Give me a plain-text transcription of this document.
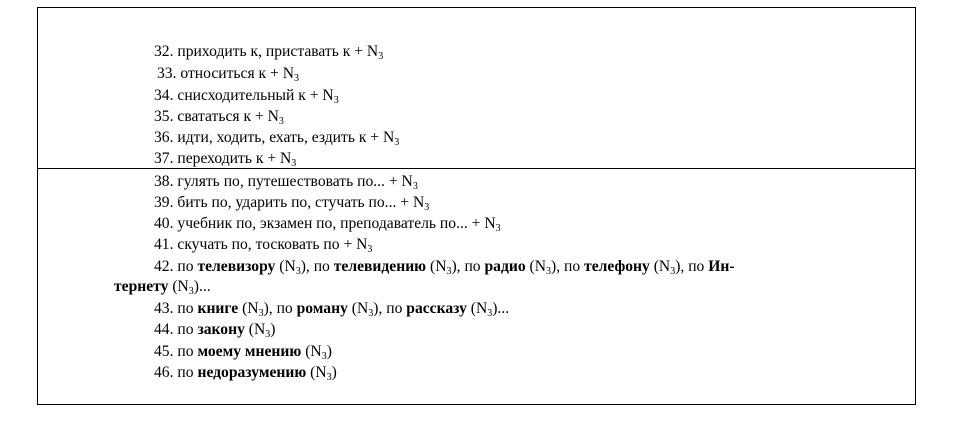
32. приходить к, приставать $к + N_3$
33. относиться $к + N_3$
34. снисходительный $к + N_3$
35. свататься $к + N_3$
36. идти, ходить, ехать, ездить $к + N_3$
37. переходить $к + N_3$
38. гулять по, путешествовать по... + $N_3$
39. бить по, ударить по, стучать по... + $N_3$
40. учебник по, экзамен по, преподаватель по... + $N_3$
41. скучать по, тосковать по + $N_3$
42. по телевизору $(N_3)$, по телевидению $(N_3)$, по радио $(N_3)$, по телефону $(N_3)$, по Ин-
тернету $(N_3)$...
43. по книге $(N_3)$, по роману $(N_3)$, по рассказу $(N_3)$...
44. по закону $(N_3)$
45. по моему мнению $(N_3)$
46. по недоразумению $(N_3)$
